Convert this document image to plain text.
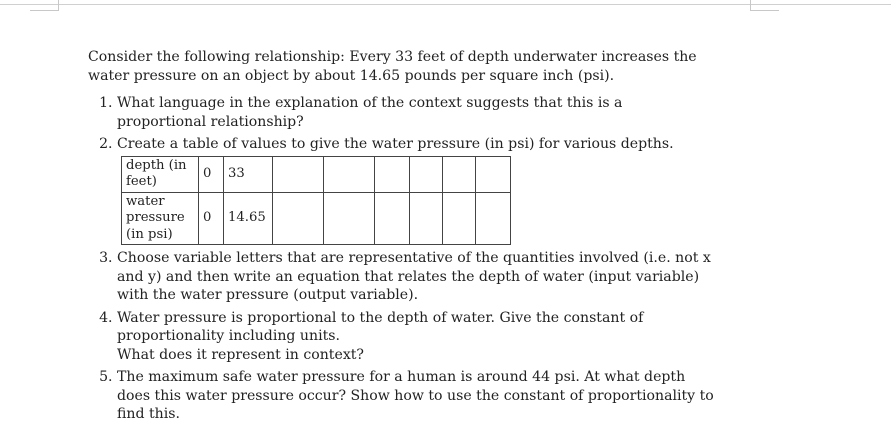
Consider the following relationship: Every 33 feet of depth underwater increases the water pressure on an object by about 14.65 pounds per square inch (psi).

1. What language in the explanation of the context suggests that this is a proportional relationship?
2. Create a table of values to give the water pressure (in psi) for various depths.
depth (in feet)	0	33						
water pressure (in psi)	0	14.65						
3. Choose variable letters that are representative of the quantities involved (i.e. not x and y) and then write an equation that relates the depth of water (input variable) with the water pressure (output variable).
4. Water pressure is proportional to the depth of water. Give the constant of proportionality including units.

What does it represent in context?

5. The maximum safe water pressure for a human is around 44 psi. At what depth does this water pressure occur? Show how to use the constant of proportionality to find this.
